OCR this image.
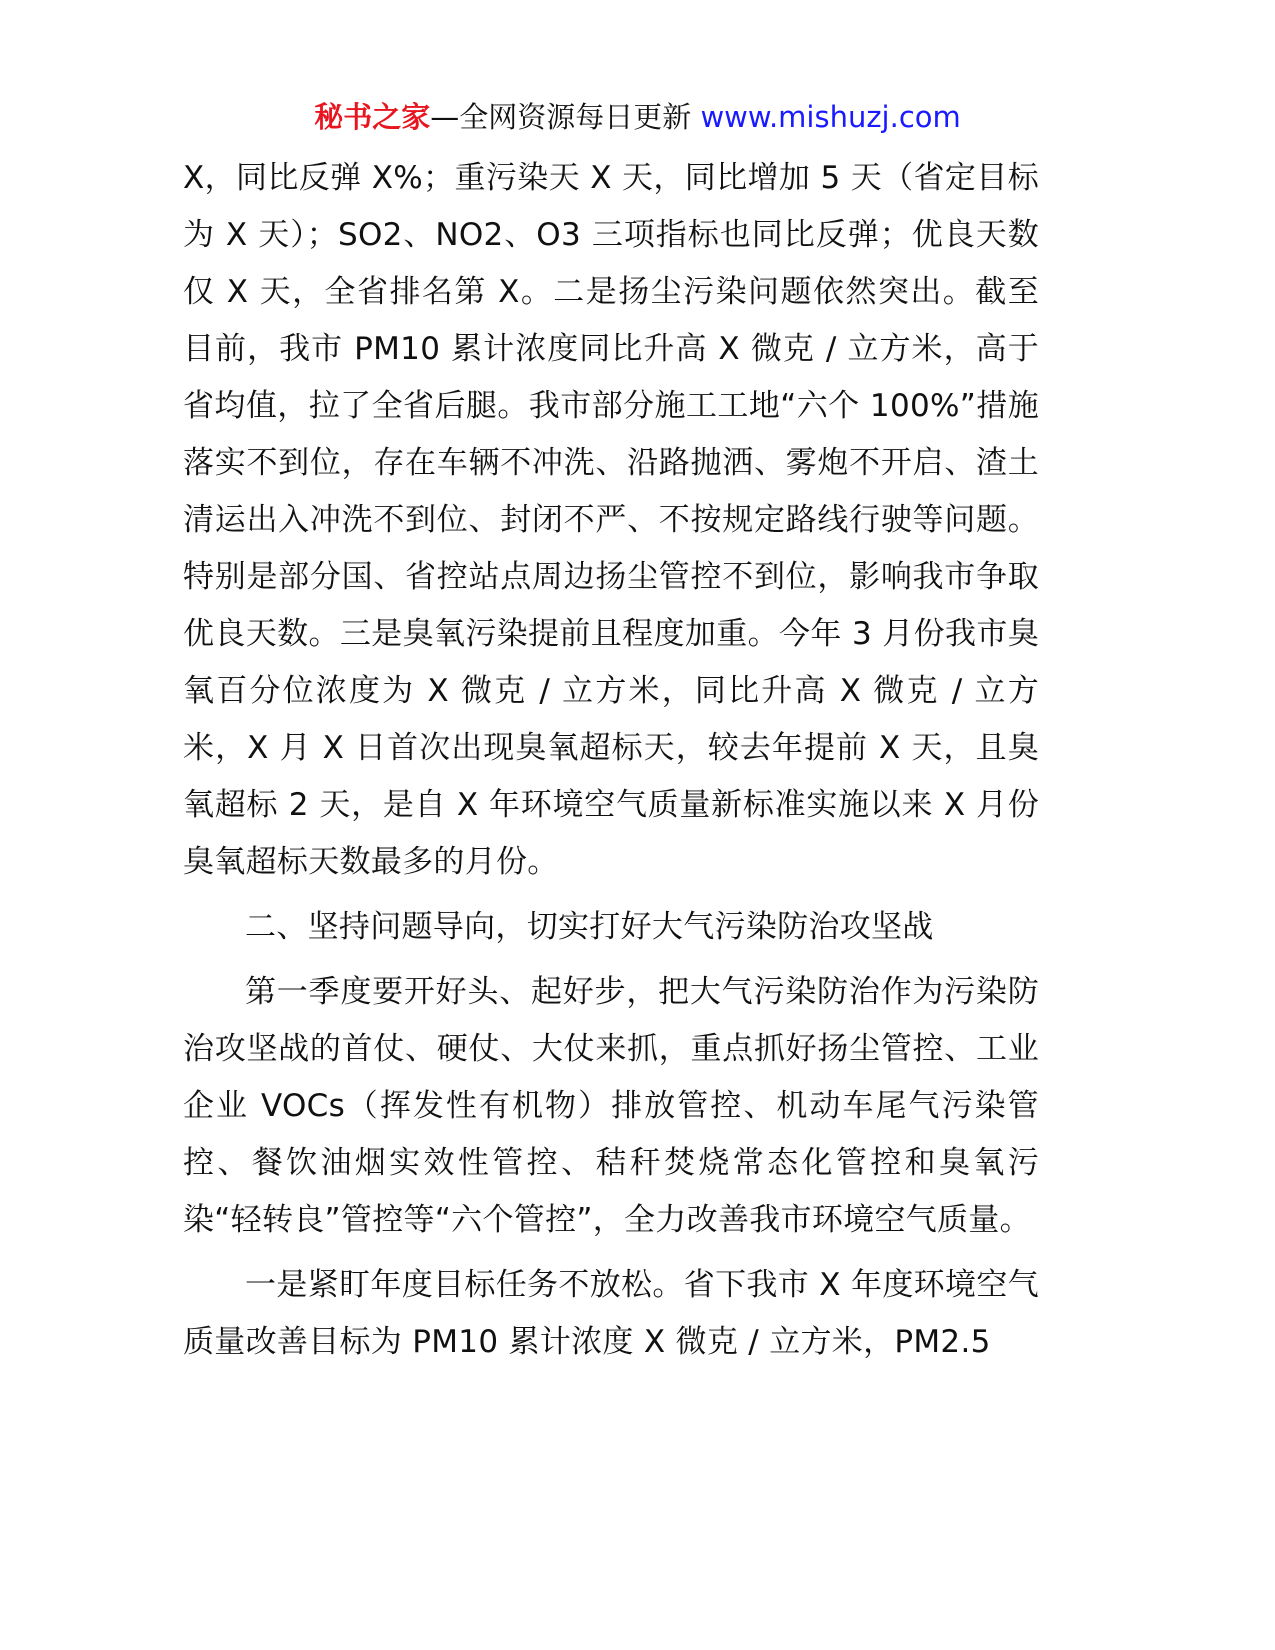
秘书之家—全网资源每日更新 www.mishuzj.com

X，同比反弹 X%；重污染天 X 天，同比增加 5 天（省定目标为 X 天）；SO2、NO2、O3 三项指标也同比反弹；优良天数仅 X 天，全省排名第 X。二是扬尘污染问题依然突出。截至目前，我市 PM10 累计浓度同比升高 X 微克 / 立方米，高于省均值，拉了全省后腿。我市部分施工工地“六个 100%”措施落实不到位，存在车辆不冲洗、沿路抛洒、雾炮不开启、渣土清运出入冲洗不到位、封闭不严、不按规定路线行驶等问题。特别是部分国、省控站点周边扬尘管控不到位，影响我市争取优良天数。三是臭氧污染提前且程度加重。今年 3 月份我市臭氧百分位浓度为 X 微克 / 立方米，同比升高 X 微克 / 立方米，X 月 X 日首次出现臭氧超标天，较去年提前 X 天，且臭氧超标 2 天，是自 X 年环境空气质量新标准实施以来 X 月份臭氧超标天数最多的月份。

二、坚持问题导向，切实打好大气污染防治攻坚战

第一季度要开好头、起好步，把大气污染防治作为污染防治攻坚战的首仗、硬仗、大仗来抓，重点抓好扬尘管控、工业企业 VOCs（挥发性有机物）排放管控、机动车尾气污染管控、餐饮油烟实效性管控、秸秆焚烧常态化管控和臭氧污染“轻转良”管控等“六个管控”，全力改善我市环境空气质量。

一是紧盯年度目标任务不放松。省下我市 X 年度环境空气质量改善目标为 PM10 累计浓度 X 微克 / 立方米，PM2.5
